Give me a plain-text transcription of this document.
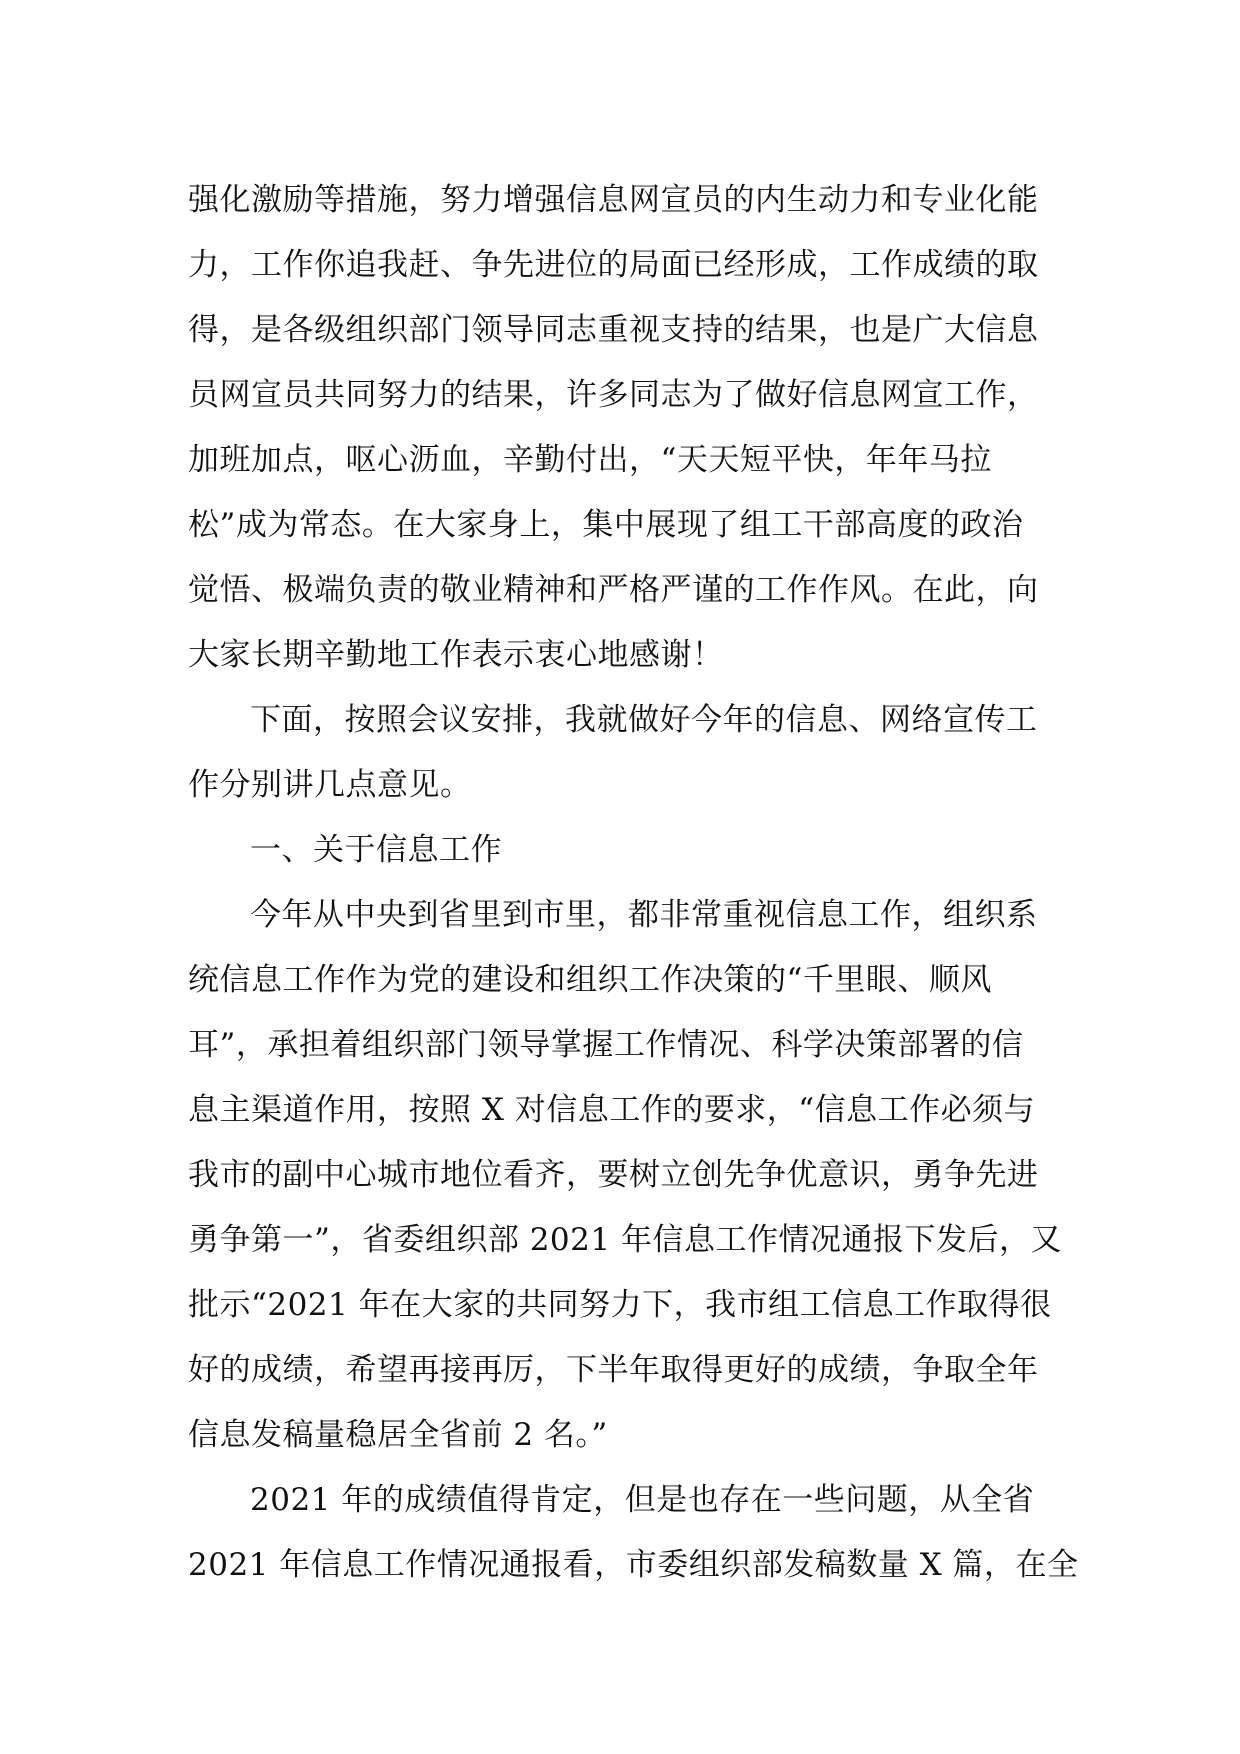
强化激励等措施，努力增强信息网宣员的内生动力和专业化能
力，工作你追我赶、争先进位的局面已经形成，工作成绩的取
得，是各级组织部门领导同志重视支持的结果，也是广大信息
员网宣员共同努力的结果，许多同志为了做好信息网宣工作，
加班加点，呕心沥血，辛勤付出，“天天短平快，年年马拉
松”成为常态。在大家身上，集中展现了组工干部高度的政治
觉悟、极端负责的敬业精神和严格严谨的工作作风。在此，向
大家长期辛勤地工作表示衷心地感谢！
下面，按照会议安排，我就做好今年的信息、网络宣传工
作分别讲几点意见。
一、关于信息工作
今年从中央到省里到市里，都非常重视信息工作，组织系
统信息工作作为党的建设和组织工作决策的“千里眼、顺风
耳”，承担着组织部门领导掌握工作情况、科学决策部署的信
息主渠道作用，按照 X 对信息工作的要求，“信息工作必须与
我市的副中心城市地位看齐，要树立创先争优意识，勇争先进
勇争第一”，省委组织部 2021 年信息工作情况通报下发后，又
批示“2021 年在大家的共同努力下，我市组工信息工作取得很
好的成绩，希望再接再厉，下半年取得更好的成绩，争取全年
信息发稿量稳居全省前 2 名。”
2021 年的成绩值得肯定，但是也存在一些问题，从全省
2021 年信息工作情况通报看，市委组织部发稿数量 X 篇，在全
